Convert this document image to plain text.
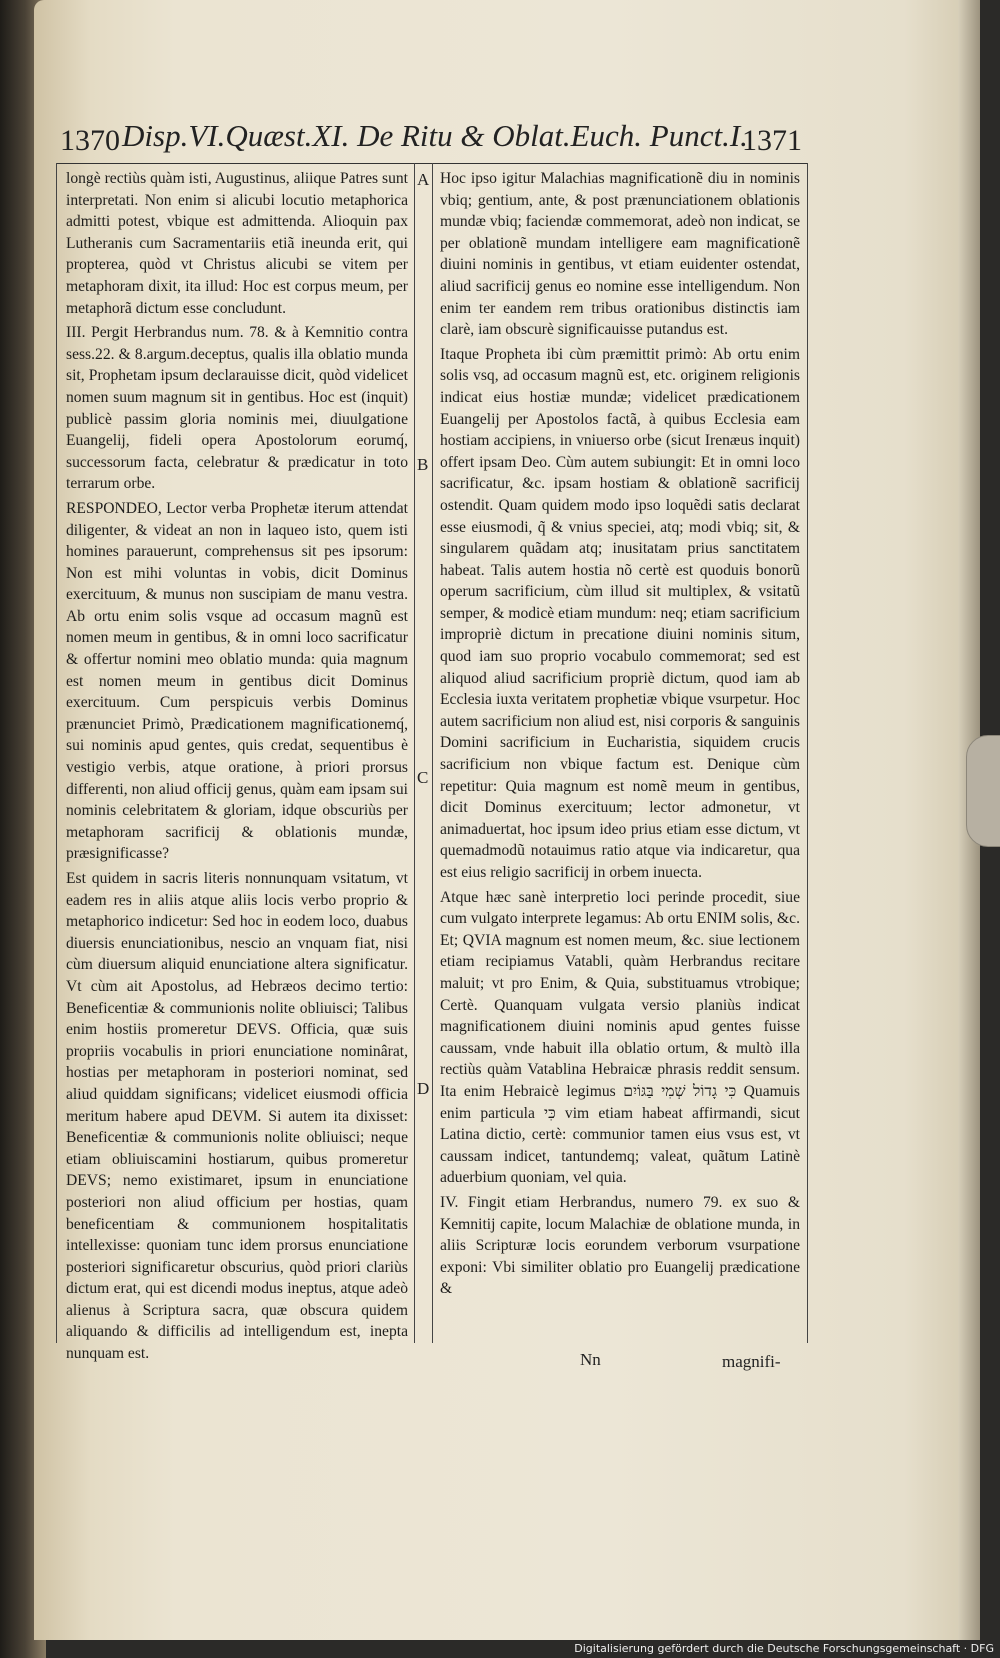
1370 Disp.VI.Quæst.XI. De Ritu & Oblat.Euch. Punct.I.
1371
A
B
C
D

longè rectiùs quàm isti, Augustinus, aliique Patres sunt interpretati. Non enim si alicubi locutio metaphorica admitti potest, vbique est admittenda. Alioquin pax Lutheranis cum Sacramentariis etiã ineunda erit, qui propterea, quòd vt Christus alicubi se vitem per metaphoram dixit, ita illud: Hoc est corpus meum, per metaphorã dictum esse concludunt.

III. Pergit Herbrandus num. 78. & à Kemnitio contra sess.22. & 8.argum.deceptus, qualis illa oblatio munda sit, Prophetam ipsum declarauisse dicit, quòd videlicet nomen suum magnum sit in gentibus. Hoc est (inquit) publicè passim gloria nominis mei, diuulgatione Euangelij, fideli opera Apostolorum eorumq́, successorum facta, celebratur & prædicatur in toto terrarum orbe.

RESPONDEO, Lector verba Prophetæ iterum attendat diligenter, & videat an non in laqueo isto, quem isti homines parauerunt, comprehensus sit pes ipsorum: Non est mihi voluntas in vobis, dicit Dominus exercituum, & munus non suscipiam de manu vestra. Ab ortu enim solis vsque ad occasum magnũ est nomen meum in gentibus, & in omni loco sacrificatur & offertur nomini meo oblatio munda: quia magnum est nomen meum in gentibus dicit Dominus exercituum. Cum perspicuis verbis Dominus prænunciet Primò, Prædicationem magnificationemq́, sui nominis apud gentes, quis credat, sequentibus è vestigio verbis, atque oratione, à priori prorsus differenti, non aliud officij genus, quàm eam ipsam sui nominis celebritatem & gloriam, idque obscuriùs per metaphoram sacrificij & oblationis mundæ, præsignificasse?

Est quidem in sacris literis nonnunquam vsitatum, vt eadem res in aliis atque aliis locis verbo proprio & metaphorico indicetur: Sed hoc in eodem loco, duabus diuersis enunciationibus, nescio an vnquam fiat, nisi cùm diuersum aliquid enunciatione altera significatur. Vt cùm ait Apostolus, ad Hebræos decimo tertio: Beneficentiæ & communionis nolite obliuisci; Talibus enim hostiis promeretur DEVS. Officia, quæ suis propriis vocabulis in priori enunciatione nominârat, hostias per metaphoram in posteriori nominat, sed aliud quiddam significans; videlicet eiusmodi officia meritum habere apud DEVM. Si autem ita dixisset: Beneficentiæ & communionis nolite obliuisci; neque etiam obliuiscamini hostiarum, quibus promeretur DEVS; nemo existimaret, ipsum in enunciatione posteriori non aliud officium per hostias, quam beneficentiam & communionem hospitalitatis intellexisse: quoniam tunc idem prorsus enunciatione posteriori significaretur obscurius, quòd priori clariùs dictum erat, qui est dicendi modus ineptus, atque adeò alienus à Scriptura sacra, quæ obscura quidem aliquando & difficilis ad intelligendum est, inepta nunquam est.

Hoc ipso igitur Malachias magnificationẽ diu in nominis vbiq; gentium, ante, & post prænunciationem oblationis mundæ vbiq; faciendæ commemorat, adeò non indicat, se per oblationẽ mundam intelligere eam magnificationẽ diuini nominis in gentibus, vt etiam euidenter ostendat, aliud sacrificij genus eo nomine esse intelligendum. Non enim ter eandem rem tribus orationibus distinctis iam clarè, iam obscurè significauisse putandus est.

Itaque Propheta ibi cùm præmittit primò: Ab ortu enim solis vsq, ad occasum magnũ est, etc. originem religionis indicat eius hostiæ mundæ; videlicet prædicationem Euangelij per Apostolos factã, à quibus Ecclesia eam hostiam accipiens, in vniuerso orbe (sicut Irenæus inquit) offert ipsam Deo. Cùm autem subiungit: Et in omni loco sacrificatur, &c. ipsam hostiam & oblationẽ sacrificij ostendit. Quam quidem modo ipso loquẽdi satis declarat esse eiusmodi, q̃ & vnius speciei, atq; modi vbiq; sit, & singularem quãdam atq; inusitatam prius sanctitatem habeat. Talis autem hostia nõ certè est quoduis bonorũ operum sacrificium, cùm illud sit multiplex, & vsitatũ semper, & modicè etiam mundum: neq; etiam sacrificium impropriè dictum in precatione diuini nominis situm, quod iam suo proprio vocabulo commemorat; sed est aliquod aliud sacrificium propriè dictum, quod iam ab Ecclesia iuxta veritatem prophetiæ vbique vsurpetur. Hoc autem sacrificium non aliud est, nisi corporis & sanguinis Domini sacrificium in Eucharistia, siquidem crucis sacrificium non vbique factum est. Denique cùm repetitur: Quia magnum est nomẽ meum in gentibus, dicit Dominus exercituum; lector admonetur, vt animaduertat, hoc ipsum ideo prius etiam esse dictum, vt quemadmodũ notauimus ratio atque via indicaretur, qua est eius religio sacrificij in orbem inuecta.

Atque hæc sanè interpretio loci perinde procedit, siue cum vulgato interprete legamus: Ab ortu ENIM solis, &c. Et; QVIA magnum est nomen meum, &c. siue lectionem etiam recipiamus Vatabli, quàm Herbrandus recitare maluit; vt pro Enim, & Quia, substituamus vtrobique; Certè. Quanquam vulgata versio planiùs indicat magnificationem diuini nominis apud gentes fuisse caussam, vnde habuit illa oblatio ortum, & multò illa rectiùs quàm Vatablina Hebraicæ phrasis reddit sensum. Ita enim Hebraicè legimus כִּי גָדוֹל שְׁמִי בַּגּוֹיִם Quamuis enim particula כִּי vim etiam habeat affirmandi, sicut Latina dictio, certè: communior tamen eius vsus est, vt caussam indicet, tantundemq; valeat, quãtum Latinè aduerbium quoniam, vel quia.

IV. Fingit etiam Herbrandus, numero 79. ex suo & Kemnitij capite, locum Malachiæ de oblatione munda, in aliis Scripturæ locis eorundem verborum vsurpatione exponi: Vbi similiter oblatio pro Euangelij prædicatione &

Nn	magnifi-
Digitalisierung gefördert durch die Deutsche Forschungsgemeinschaft · DFG
